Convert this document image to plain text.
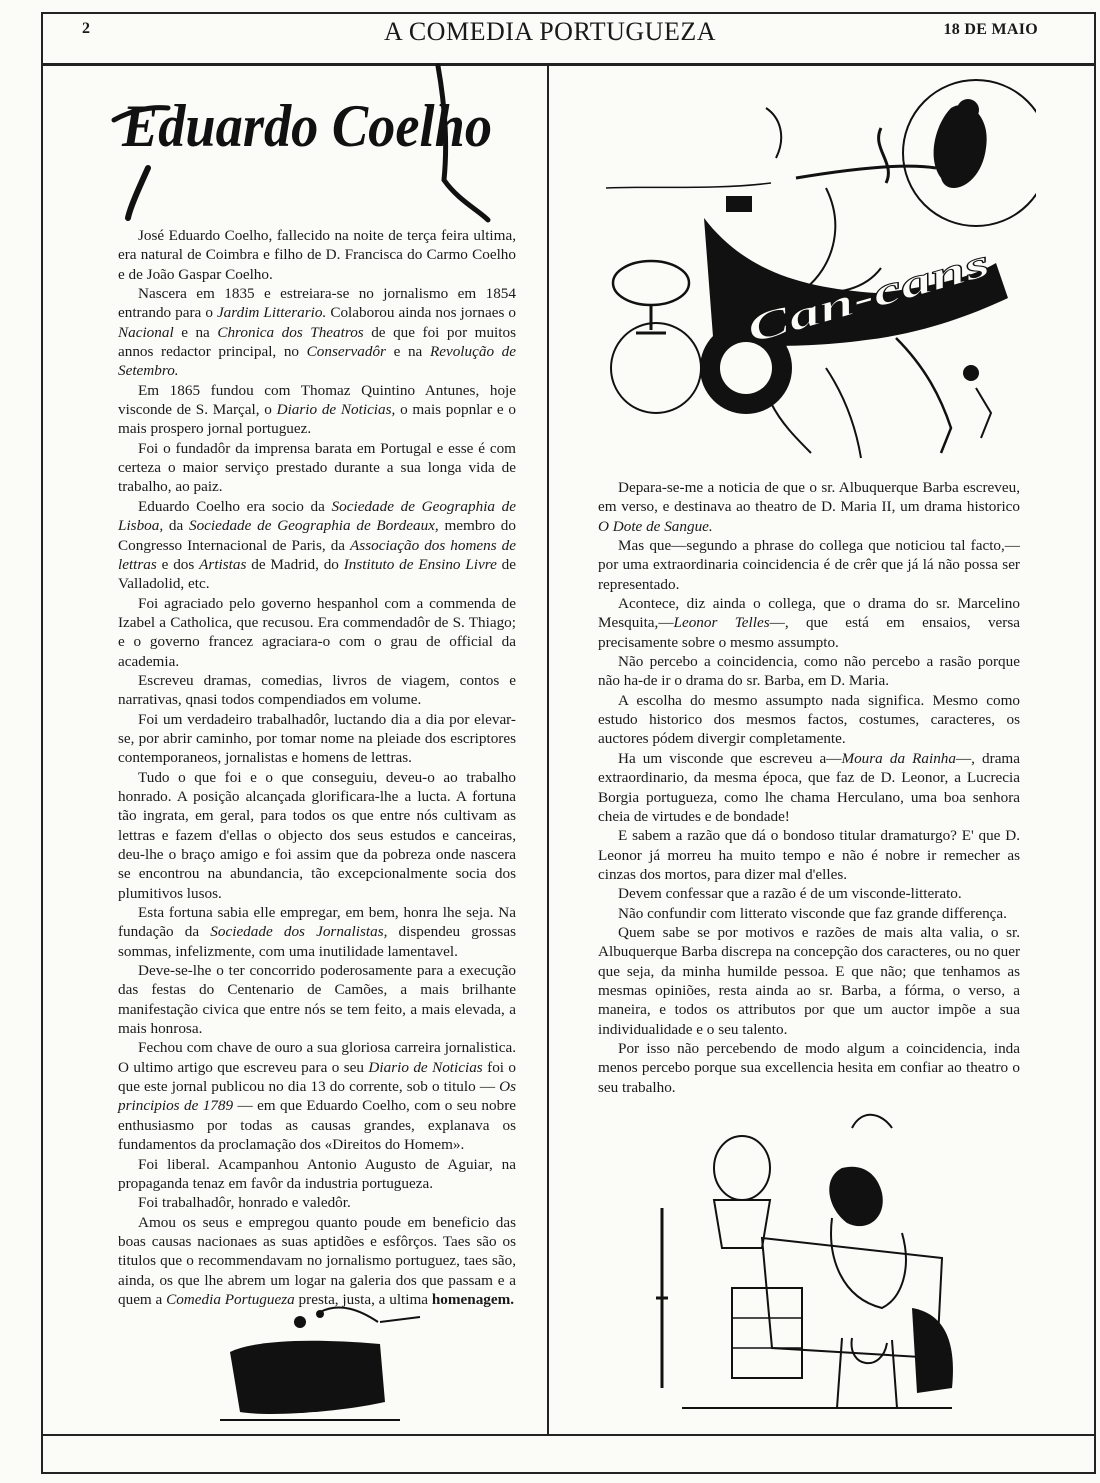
2	A COMEDIA PORTUGUEZA	18 DE MAIO
Eduardo Coelho

José Eduardo Coelho, fallecido na noite de terça feira ultima, era natural de Coimbra e filho de D. Francisca do Carmo Coelho e de João Gaspar Coelho.

Nascera em 1835 e estreiara-se no jornalismo em 1854 entrando para o Jardim Litterario. Colaborou ainda nos jornaes o Nacional e na Chronica dos Theatros de que foi por muitos annos redactor principal, no Conservadôr e na Revolução de Setembro.

Em 1865 fundou com Thomaz Quintino Antunes, hoje visconde de S. Marçal, o Diario de Noticias, o mais popnlar e o mais prospero jornal portuguez.

Foi o fundadôr da imprensa barata em Portugal e esse é com certeza o maior serviço prestado durante a sua longa vida de trabalho, ao paiz.

Eduardo Coelho era socio da Sociedade de Geographia de Lisboa, da Sociedade de Geographia de Bordeaux, membro do Congresso Internacional de Paris, da Associação dos homens de lettras e dos Artistas de Madrid, do Instituto de Ensino Livre de Valladolid, etc.

Foi agraciado pelo governo hespanhol com a commenda de Izabel a Catholica, que recusou. Era commendadôr de S. Thiago; e o governo francez agraciara-o com o grau de official da academia.

Escreveu dramas, comedias, livros de viagem, contos e narrativas, qnasi todos compendiados em volume.

Foi um verdadeiro trabalhadôr, luctando dia a dia por elevar-se, por abrir caminho, por tomar nome na pleiade dos escriptores contemporaneos, jornalistas e homens de lettras.

Tudo o que foi e o que conseguiu, deveu-o ao trabalho honrado. A posição alcançada glorificara-lhe a lucta. A fortuna tão ingrata, em geral, para todos os que entre nós cultivam as lettras e fazem d'ellas o objecto dos seus estudos e canceiras, deu-lhe o braço amigo e foi assim que da pobreza onde nascera se encontrou na abundancia, tão excepcionalmente socia dos plumitivos lusos.

Esta fortuna sabia elle empregar, em bem, honra lhe seja. Na fundação da Sociedade dos Jornalistas, dispendeu grossas sommas, infelizmente, com uma inutilidade lamentavel.

Deve-se-lhe o ter concorrido poderosamente para a execução das festas do Centenario de Camões, a mais brilhante manifestação civica que entre nós se tem feito, a mais elevada, a mais honrosa.

Fechou com chave de ouro a sua gloriosa carreira jornalistica. O ultimo artigo que escreveu para o seu Diario de Noticias foi o que este jornal publicou no dia 13 do corrente, sob o titulo — Os principios de 1789 — em que Eduardo Coelho, com o seu nobre enthusiasmo por todas as causas grandes, explanava os fundamentos da proclamação dos «Direitos do Homem».

Foi liberal. Acampanhou Antonio Augusto de Aguiar, na propaganda tenaz em favôr da industria portugueza.

Foi trabalhadôr, honrado e valedôr.

Amou os seus e empregou quanto poude em beneficio das boas causas nacionaes as suas aptidões e esfôrços. Taes são os titulos que o recommendavam no jornalismo portuguez, taes são, ainda, os que lhe abrem um logar na galeria dos que passam e a quem a Comedia Portugueza presta, justa, a ultima homenagem.

Can-cans

Depara-se-me a noticia de que o sr. Albuquerque Barba escreveu, em verso, e destinava ao theatro de D. Maria II, um drama historico O Dote de Sangue.

Mas que—segundo a phrase do collega que noticiou tal facto,—por uma extraordinaria coincidencia é de crêr que já lá não possa ser representado.

Acontece, diz ainda o collega, que o drama do sr. Marcelino Mesquita,—Leonor Telles—, que está em ensaios, versa precisamente sobre o mesmo assumpto.

Não percebo a coincidencia, como não percebo a rasão porque não ha-de ir o drama do sr. Barba, em D. Maria.

A escolha do mesmo assumpto nada significa. Mesmo como estudo historico dos mesmos factos, costumes, caracteres, os auctores pódem divergir completamente.

Ha um visconde que escreveu a—Moura da Rainha—, drama extraordinario, da mesma época, que faz de D. Leonor, a Lucrecia Borgia portugueza, como lhe chama Herculano, uma boa senhora cheia de virtudes e de bondade!

E sabem a razão que dá o bondoso titular dramaturgo? E' que D. Leonor já morreu ha muito tempo e não é nobre ir remecher as cinzas dos mortos, para dizer mal d'elles.

Devem confessar que a razão é de um visconde-litterato.

Não confundir com litterato visconde que faz grande differença.

Quem sabe se por motivos e razões de mais alta valia, o sr. Albuquerque Barba discrepa na concepção dos caracteres, ou no quer que seja, da minha humilde pessoa. E que não; que tenhamos as mesmas opiniões, resta ainda ao sr. Barba, a fórma, o verso, a maneira, e todos os attributos por que um auctor impõe a sua individualidade e o seu talento.

Por isso não percebendo de modo algum a coincidencia, inda menos percebo porque sua excellencia hesita em confiar ao theatro o seu trabalho.
